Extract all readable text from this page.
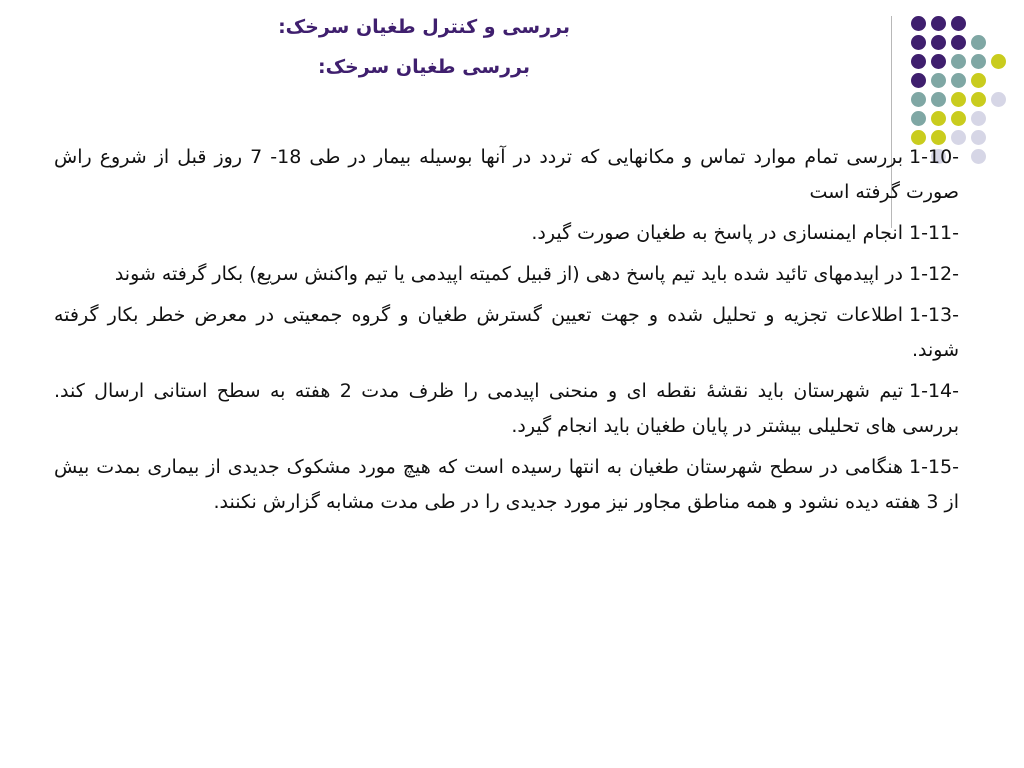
بررسی و کنترل طغیان سرخک:
بررسی طغیان سرخک:
1-10-بررسی تمام موارد تماس و مکانهایی که تردد در آنها بوسیله بیمار در طی 18- 7 روز قبل از شروع راش صورت گرفته است
1-11-انجام ایمنسازی در پاسخ به طغیان صورت گیرد.
1-12-در اپیدمهای تائید شده باید تیم پاسخ دهی (از قبیل کمیته اپیدمی یا تیم واکنش سریع) بکار گرفته شوند
1-13-اطلاعات تجزیه و تحلیل شده و جهت تعیین گسترش طغیان و گروه جمعیتی در معرض خطر بکار گرفته شوند.
1-14-تیم شهرستان باید نقشهٔ نقطه ای و منحنی اپیدمی را ظرف مدت 2 هفته به سطح استانی ارسال کند. بررسی های تحلیلی بیشتر در پایان طغیان باید انجام گیرد.
1-15-هنگامی در سطح شهرستان طغیان به انتها رسیده است که هیچ مورد مشکوک جدیدی از بیماری بمدت بیش از 3 هفته دیده نشود و همه مناطق مجاور نیز مورد جدیدی را در طی مدت مشابه گزارش نکنند.
